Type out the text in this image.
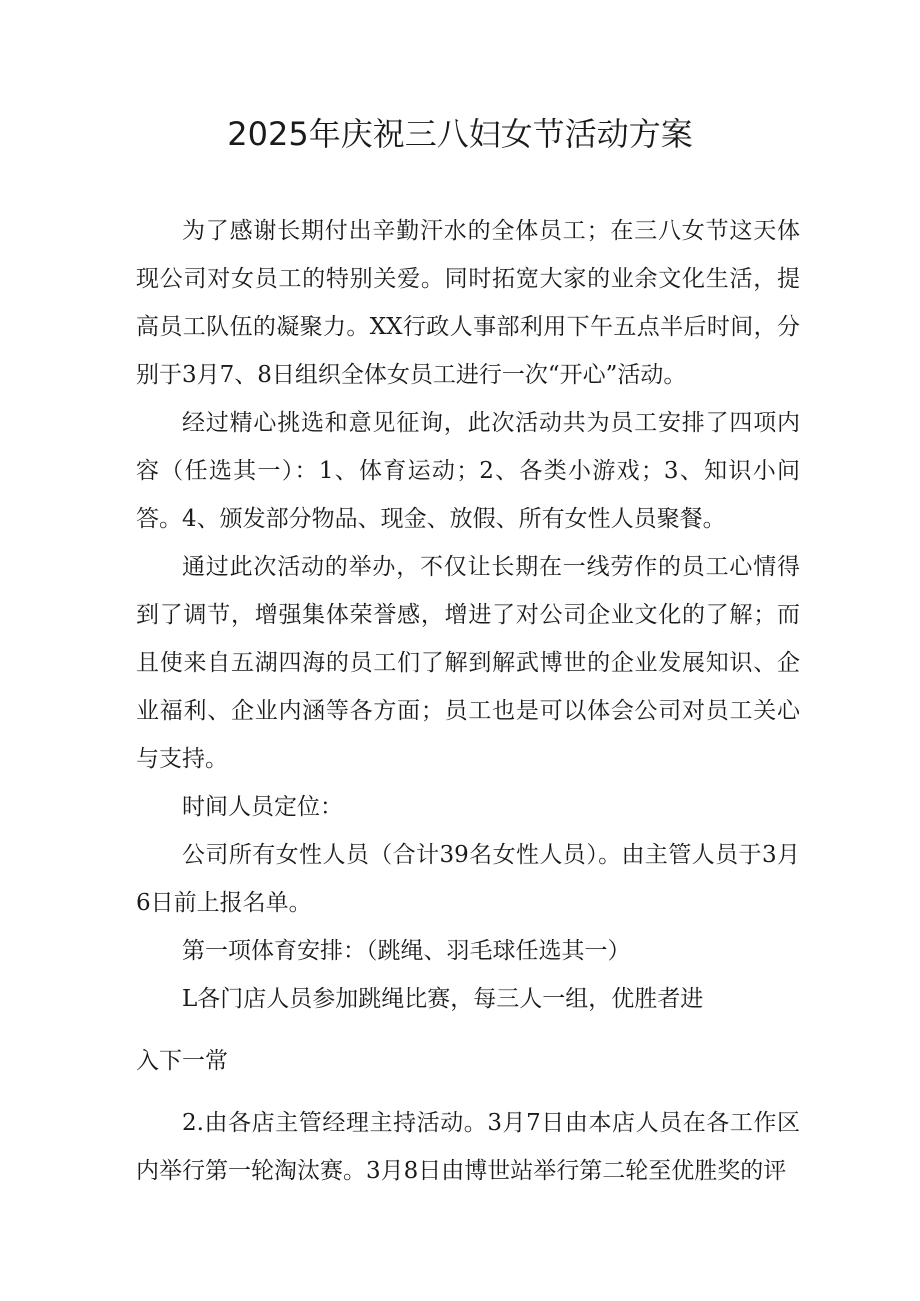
2025年庆祝三八妇女节活动方案

为了感谢长期付出辛勤汗水的全体员工；在三八女节这天体现公司对女员工的特别关爱。同时拓宽大家的业余文化生活，提高员工队伍的凝聚力。XX行政人事部利用下午五点半后时间，分别于3月7、8日组织全体女员工进行一次“开心”活动。

经过精心挑选和意见征询，此次活动共为员工安排了四项内容（任选其一）：1、体育运动；2、各类小游戏；3、知识小问答。4、颁发部分物品、现金、放假、所有女性人员聚餐。

通过此次活动的举办，不仅让长期在一线劳作的员工心情得到了调节，增强集体荣誉感，增进了对公司企业文化的了解；而且使来自五湖四海的员工们了解到解武博世的企业发展知识、企业福利、企业内涵等各方面；员工也是可以体会公司对员工关心与支持。

时间人员定位：

公司所有女性人员（合计39名女性人员）。由主管人员于3月6日前上报名单。

第一项体育安排：（跳绳、羽毛球任选其一）

L各门店人员参加跳绳比赛，每三人一组，优胜者进

入下一常

2.由各店主管经理主持活动。3月7日由本店人员在各工作区内举行第一轮淘汰赛。3月8日由博世站举行第二轮至优胜奖的评
